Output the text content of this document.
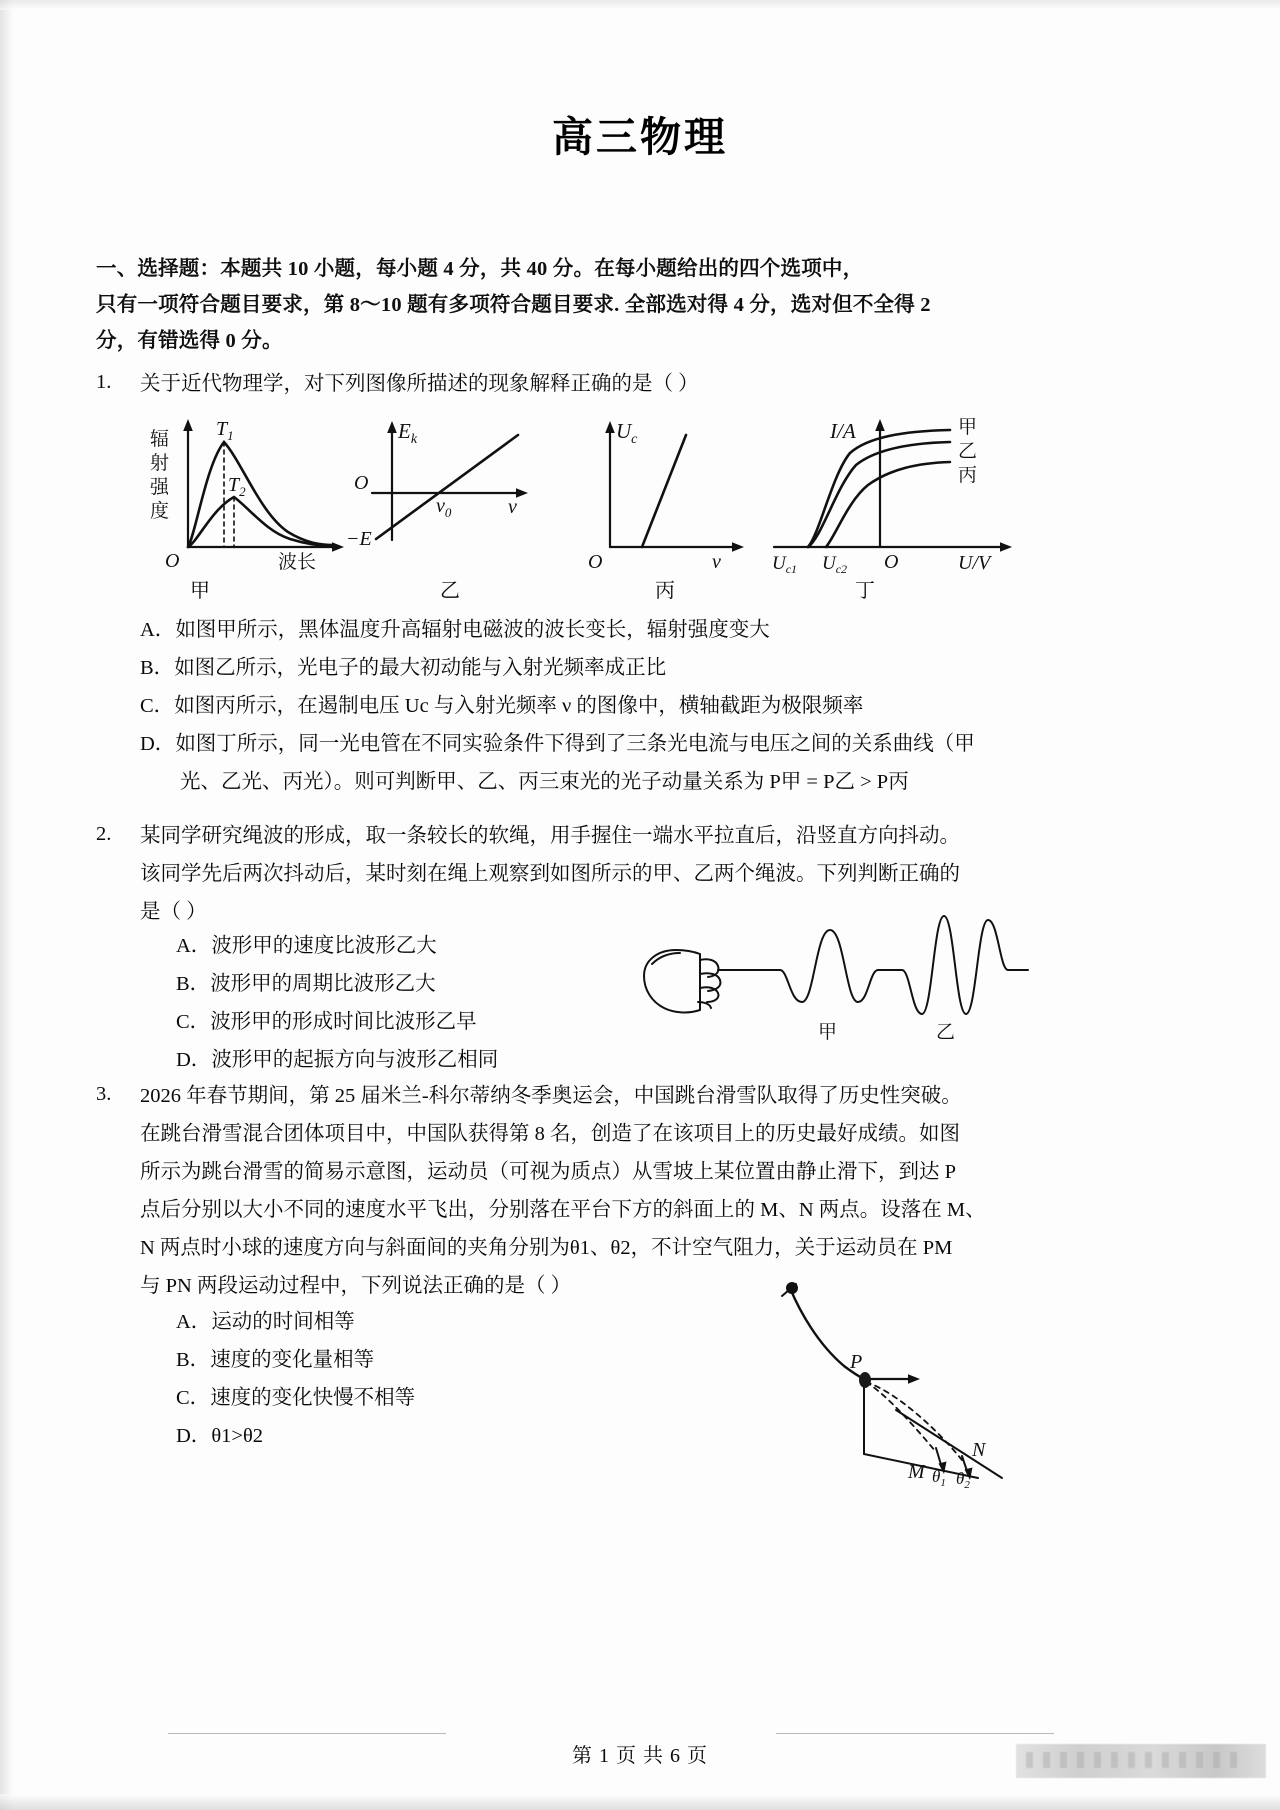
高三物理
一、选择题：本题共 10 小题，每小题 4 分，共 40 分。在每小题给出的四个选项中，
只有一项符合题目要求，第 8～10 题有多项符合题目要求. 全部选对得 4 分，选对但不全得 2
分，有错选得 0 分。
1. 关于近代物理学，对下列图像所描述的现象解释正确的是（ ）
辐
射
强
度
O	波长
$T_1$
$T_2$
$E_k$
O
$\nu_0$	ν
−E
$U_c$
O	ν
I/A
O	U/V
$U_{c1}$ $U_{c2}$
甲
乙
丙
甲	乙	丙	丁
A．如图甲所示，黑体温度升高辐射电磁波的波长变长，辐射强度变大
B．如图乙所示，光电子的最大初动能与入射光频率成正比
C．如图丙所示，在遏制电压 Uc 与入射光频率 ν 的图像中，横轴截距为极限频率
D．如图丁所示，同一光电管在不同实验条件下得到了三条光电流与电压之间的关系曲线（甲
光、乙光、丙光）。则可判断甲、乙、丙三束光的光子动量关系为 P甲 = P乙 > P丙
2. 某同学研究绳波的形成，取一条较长的软绳，用手握住一端水平拉直后，沿竖直方向抖动。
该同学先后两次抖动后，某时刻在绳上观察到如图所示的甲、乙两个绳波。下列判断正确的
是（ ）
A．波形甲的速度比波形乙大
B．波形甲的周期比波形乙大
C．波形甲的形成时间比波形乙早
D．波形甲的起振方向与波形乙相同
甲	乙
3. 2026 年春节期间，第 25 届米兰-科尔蒂纳冬季奥运会，中国跳台滑雪队取得了历史性突破。
在跳台滑雪混合团体项目中，中国队获得第 8 名，创造了在该项目上的历史最好成绩。如图
所示为跳台滑雪的简易示意图，运动员（可视为质点）从雪坡上某位置由静止滑下，到达 P
点后分别以大小不同的速度水平飞出，分别落在平台下方的斜面上的 M、N 两点。设落在 M、
N 两点时小球的速度方向与斜面间的夹角分别为θ1、θ2，不计空气阻力，关于运动员在 PM
与 PN 两段运动过程中，下列说法正确的是（ ）
A．运动的时间相等
B．速度的变化量相等
C．速度的变化快慢不相等
D．θ1>θ2
P
M
N
$\theta_1$ $\theta_2$
第 1 页 共 6 页
